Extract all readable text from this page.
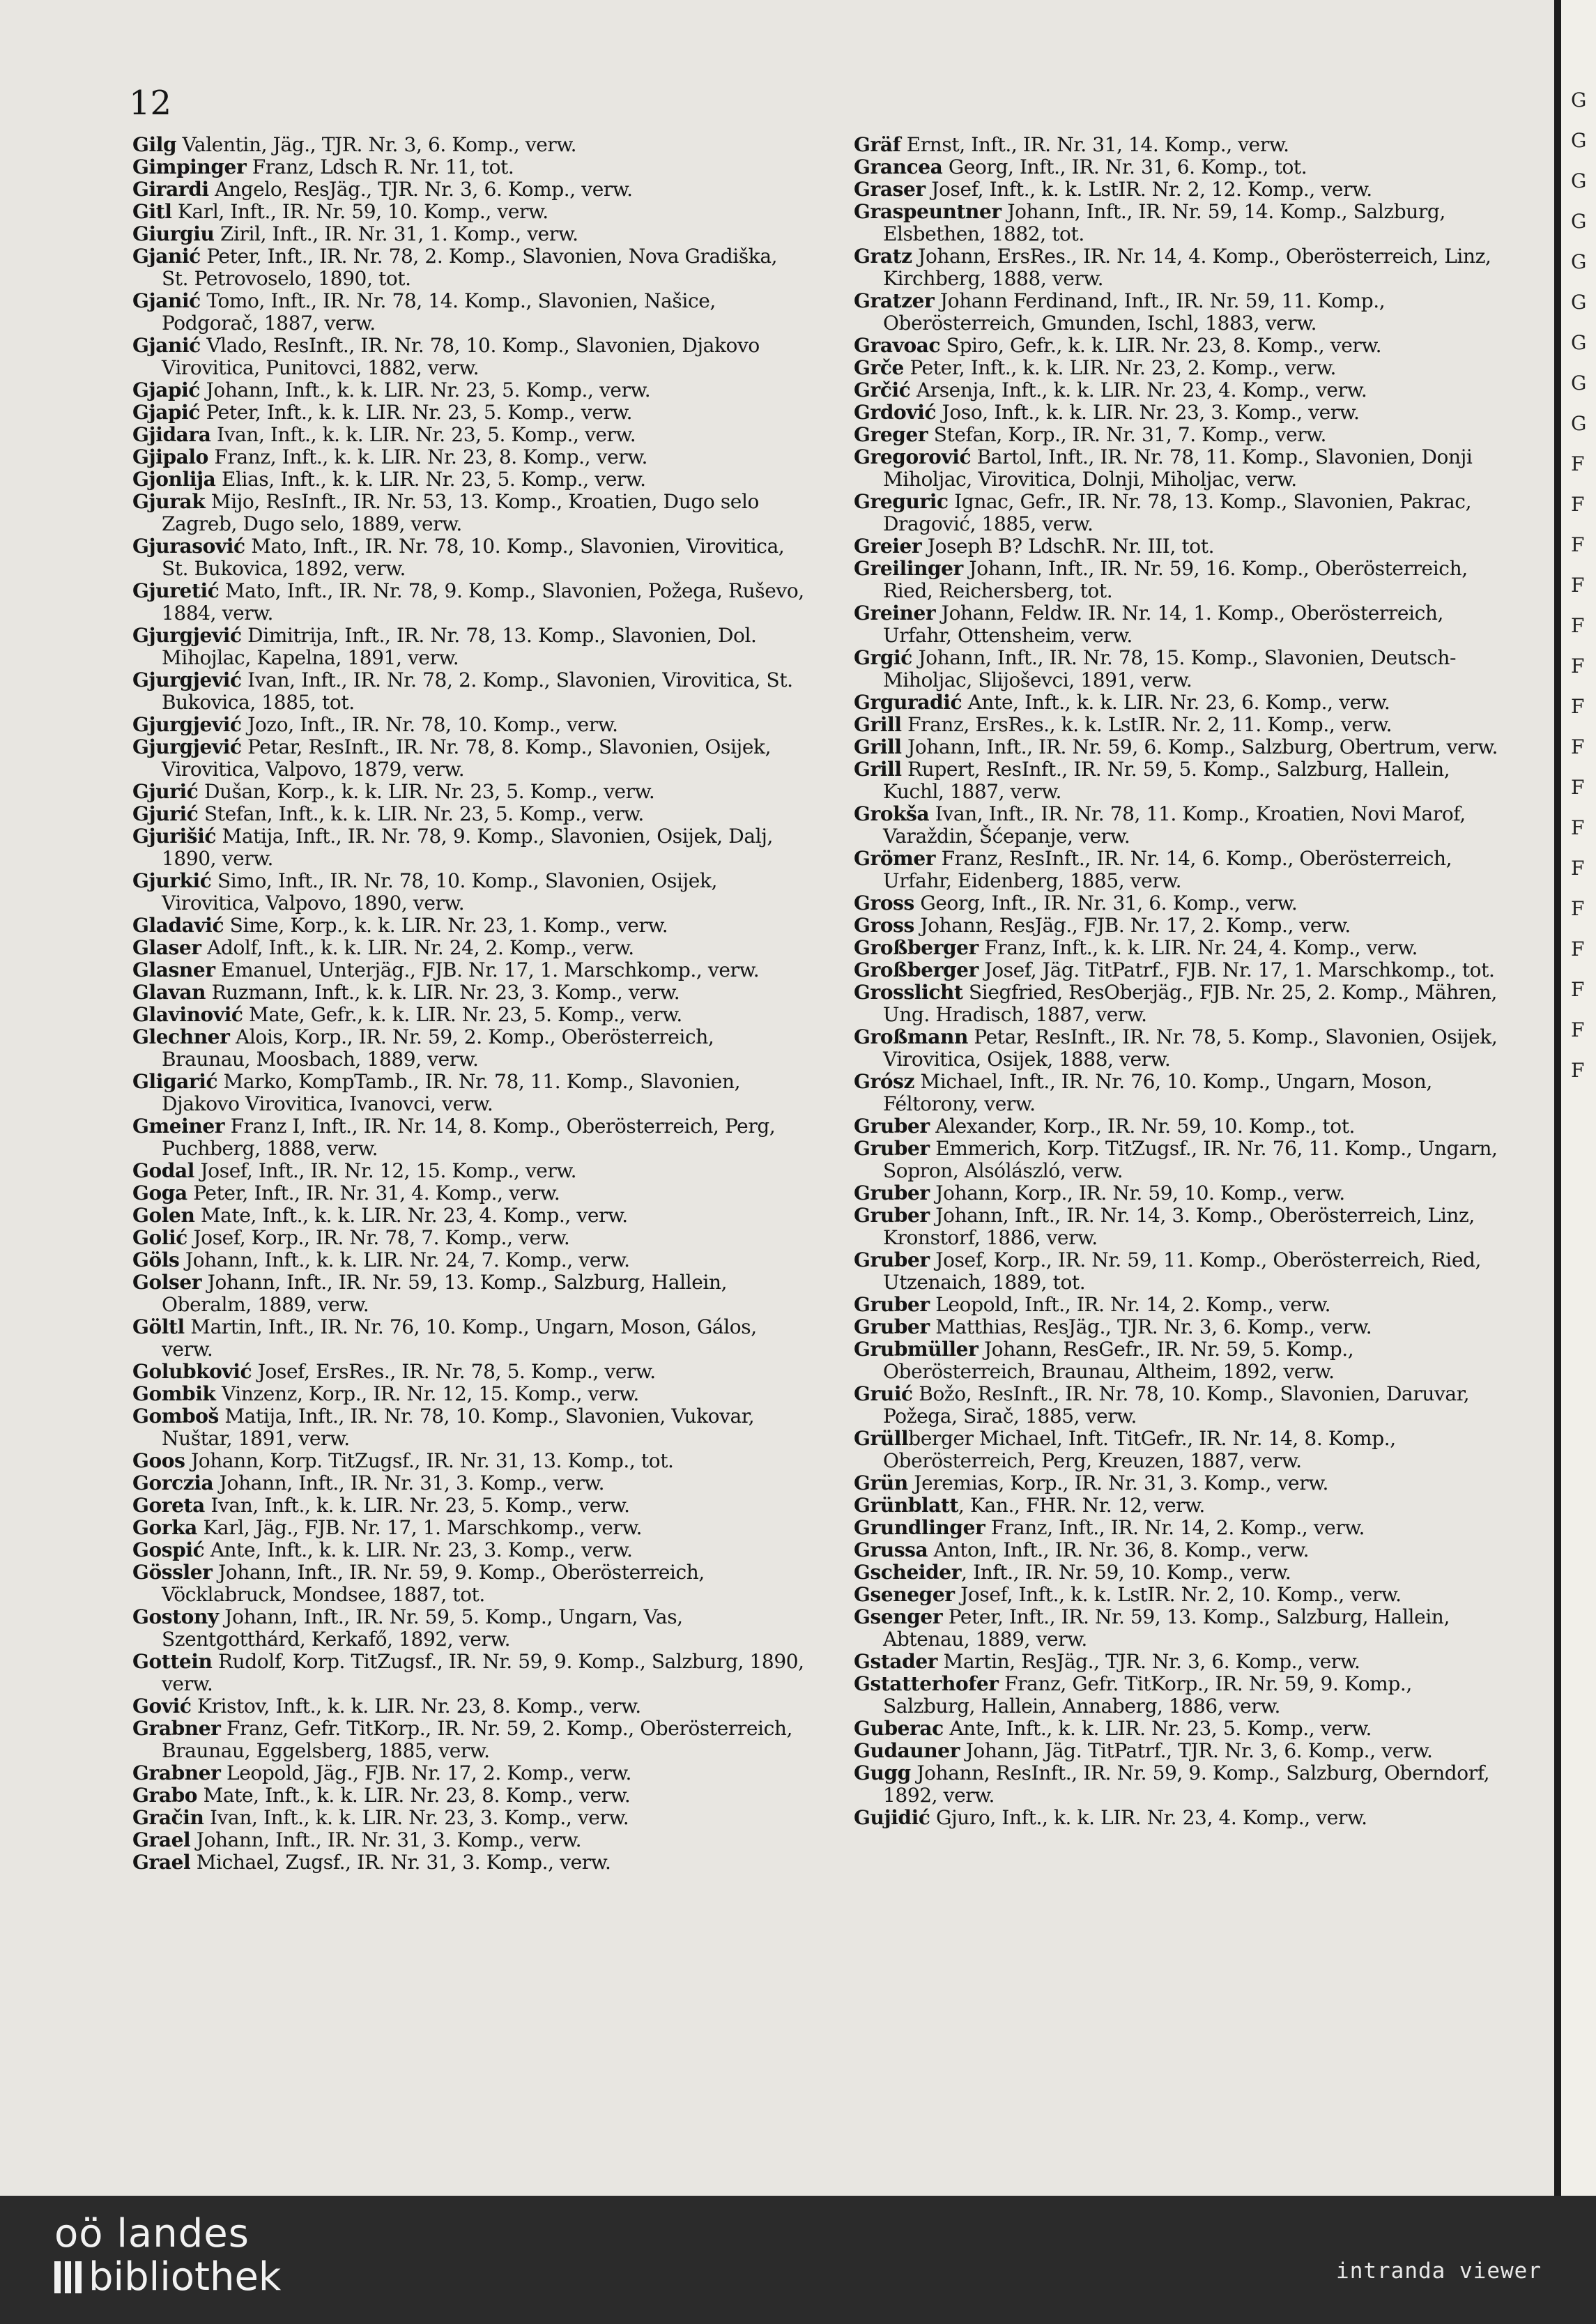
12
Gilg Valentin, Jäg., TJR. Nr. 3, 6. Komp., verw.
Gimpinger Franz, Ldsch R. Nr. 11, tot.
Girardi Angelo, ResJäg., TJR. Nr. 3, 6. Komp., verw.
Gitl Karl, Inft., IR. Nr. 59, 10. Komp., verw.
Giurgiu Ziril, Inft., IR. Nr. 31, 1. Komp., verw.
Gjanić Peter, Inft., IR. Nr. 78, 2. Komp., Slavonien, Nova Gradiška, St. Petrovoselo, 1890, tot.
Gjanić Tomo, Inft., IR. Nr. 78, 14. Komp., Slavonien, Našice, Podgorač, 1887, verw.
Gjanić Vlado, ResInft., IR. Nr. 78, 10. Komp., Slavonien, Djakovo Virovitica, Punitovci, 1882, verw.
Gjapić Johann, Inft., k. k. LIR. Nr. 23, 5. Komp., verw.
Gjapić Peter, Inft., k. k. LIR. Nr. 23, 5. Komp., verw.
Gjidara Ivan, Inft., k. k. LIR. Nr. 23, 5. Komp., verw.
Gjipalo Franz, Inft., k. k. LIR. Nr. 23, 8. Komp., verw.
Gjonlija Elias, Inft., k. k. LIR. Nr. 23, 5. Komp., verw.
Gjurak Mijo, ResInft., IR. Nr. 53, 13. Komp., Kroatien, Dugo selo Zagreb, Dugo selo, 1889, verw.
Gjurasović Mato, Inft., IR. Nr. 78, 10. Komp., Slavonien, Virovitica, St. Bukovica, 1892, verw.
Gjuretić Mato, Inft., IR. Nr. 78, 9. Komp., Slavonien, Požega, Ruševo, 1884, verw.
Gjurgjević Dimitrija, Inft., IR. Nr. 78, 13. Komp., Slavonien, Dol. Mihojlac, Kapelna, 1891, verw.
Gjurgjević Ivan, Inft., IR. Nr. 78, 2. Komp., Slavonien, Virovitica, St. Bukovica, 1885, tot.
Gjurgjević Jozo, Inft., IR. Nr. 78, 10. Komp., verw.
Gjurgjević Petar, ResInft., IR. Nr. 78, 8. Komp., Slavonien, Osijek, Virovitica, Valpovo, 1879, verw.
Gjurić Dušan, Korp., k. k. LIR. Nr. 23, 5. Komp., verw.
Gjurić Stefan, Inft., k. k. LIR. Nr. 23, 5. Komp., verw.
Gjurišić Matija, Inft., IR. Nr. 78, 9. Komp., Slavonien, Osijek, Dalj, 1890, verw.
Gjurkić Simo, Inft., IR. Nr. 78, 10. Komp., Slavonien, Osijek, Virovitica, Valpovo, 1890, verw.
Gladavić Sime, Korp., k. k. LIR. Nr. 23, 1. Komp., verw.
Glaser Adolf, Inft., k. k. LIR. Nr. 24, 2. Komp., verw.
Glasner Emanuel, Unterjäg., FJB. Nr. 17, 1. Marschkomp., verw.
Glavan Ruzmann, Inft., k. k. LIR. Nr. 23, 3. Komp., verw.
Glavinović Mate, Gefr., k. k. LIR. Nr. 23, 5. Komp., verw.
Glechner Alois, Korp., IR. Nr. 59, 2. Komp., Oberösterreich, Braunau, Moosbach, 1889, verw.
Gligarić Marko, KompTamb., IR. Nr. 78, 11. Komp., Slavonien, Djakovo Virovitica, Ivanovci, verw.
Gmeiner Franz I, Inft., IR. Nr. 14, 8. Komp., Oberösterreich, Perg, Puchberg, 1888, verw.
Godal Josef, Inft., IR. Nr. 12, 15. Komp., verw.
Goga Peter, Inft., IR. Nr. 31, 4. Komp., verw.
Golen Mate, Inft., k. k. LIR. Nr. 23, 4. Komp., verw.
Golić Josef, Korp., IR. Nr. 78, 7. Komp., verw.
Göls Johann, Inft., k. k. LIR. Nr. 24, 7. Komp., verw.
Golser Johann, Inft., IR. Nr. 59, 13. Komp., Salzburg, Hallein, Oberalm, 1889, verw.
Göltl Martin, Inft., IR. Nr. 76, 10. Komp., Ungarn, Moson, Gálos, verw.
Golubković Josef, ErsRes., IR. Nr. 78, 5. Komp., verw.
Gombik Vinzenz, Korp., IR. Nr. 12, 15. Komp., verw.
Gomboš Matija, Inft., IR. Nr. 78, 10. Komp., Slavonien, Vukovar, Nuštar, 1891, verw.
Goos Johann, Korp. TitZugsf., IR. Nr. 31, 13. Komp., tot.
Gorczia Johann, Inft., IR. Nr. 31, 3. Komp., verw.
Goreta Ivan, Inft., k. k. LIR. Nr. 23, 5. Komp., verw.
Gorka Karl, Jäg., FJB. Nr. 17, 1. Marschkomp., verw.
Gospić Ante, Inft., k. k. LIR. Nr. 23, 3. Komp., verw.
Gössler Johann, Inft., IR. Nr. 59, 9. Komp., Oberösterreich, Vöcklabruck, Mondsee, 1887, tot.
Gostony Johann, Inft., IR. Nr. 59, 5. Komp., Ungarn, Vas, Szentgotthárd, Kerkafő, 1892, verw.
Gottein Rudolf, Korp. TitZugsf., IR. Nr. 59, 9. Komp., Salzburg, 1890, verw.
Gović Kristov, Inft., k. k. LIR. Nr. 23, 8. Komp., verw.
Grabner Franz, Gefr. TitKorp., IR. Nr. 59, 2. Komp., Oberösterreich, Braunau, Eggelsberg, 1885, verw.
Grabner Leopold, Jäg., FJB. Nr. 17, 2. Komp., verw.
Grabo Mate, Inft., k. k. LIR. Nr. 23, 8. Komp., verw.
Gračin Ivan, Inft., k. k. LIR. Nr. 23, 3. Komp., verw.
Grael Johann, Inft., IR. Nr. 31, 3. Komp., verw.
Grael Michael, Zugsf., IR. Nr. 31, 3. Komp., verw.
Gräf Ernst, Inft., IR. Nr. 31, 14. Komp., verw.
Grancea Georg, Inft., IR. Nr. 31, 6. Komp., tot.
Graser Josef, Inft., k. k. LstIR. Nr. 2, 12. Komp., verw.
Graspeuntner Johann, Inft., IR. Nr. 59, 14. Komp., Salzburg, Elsbethen, 1882, tot.
Gratz Johann, ErsRes., IR. Nr. 14, 4. Komp., Oberösterreich, Linz, Kirchberg, 1888, verw.
Gratzer Johann Ferdinand, Inft., IR. Nr. 59, 11. Komp., Oberösterreich, Gmunden, Ischl, 1883, verw.
Gravoac Spiro, Gefr., k. k. LIR. Nr. 23, 8. Komp., verw.
Grče Peter, Inft., k. k. LIR. Nr. 23, 2. Komp., verw.
Grčić Arsenja, Inft., k. k. LIR. Nr. 23, 4. Komp., verw.
Grdović Joso, Inft., k. k. LIR. Nr. 23, 3. Komp., verw.
Greger Stefan, Korp., IR. Nr. 31, 7. Komp., verw.
Gregorović Bartol, Inft., IR. Nr. 78, 11. Komp., Slavonien, Donji Miholjac, Virovitica, Dolnji, Miholjac, verw.
Greguric Ignac, Gefr., IR. Nr. 78, 13. Komp., Slavonien, Pakrac, Dragović, 1885, verw.
Greier Joseph B? LdschR. Nr. III, tot.
Greilinger Johann, Inft., IR. Nr. 59, 16. Komp., Oberösterreich, Ried, Reichersberg, tot.
Greiner Johann, Feldw. IR. Nr. 14, 1. Komp., Oberösterreich, Urfahr, Ottensheim, verw.
Grgić Johann, Inft., IR. Nr. 78, 15. Komp., Slavonien, Deutsch-Miholjac, Slijoševci, 1891, verw.
Grguradić Ante, Inft., k. k. LIR. Nr. 23, 6. Komp., verw.
Grill Franz, ErsRes., k. k. LstIR. Nr. 2, 11. Komp., verw.
Grill Johann, Inft., IR. Nr. 59, 6. Komp., Salzburg, Obertrum, verw.
Grill Rupert, ResInft., IR. Nr. 59, 5. Komp., Salzburg, Hallein, Kuchl, 1887, verw.
Grokša Ivan, Inft., IR. Nr. 78, 11. Komp., Kroatien, Novi Marof, Varaždin, Šćepanje, verw.
Grömer Franz, ResInft., IR. Nr. 14, 6. Komp., Oberösterreich, Urfahr, Eidenberg, 1885, verw.
Gross Georg, Inft., IR. Nr. 31, 6. Komp., verw.
Gross Johann, ResJäg., FJB. Nr. 17, 2. Komp., verw.
Großberger Franz, Inft., k. k. LIR. Nr. 24, 4. Komp., verw.
Großberger Josef, Jäg. TitPatrf., FJB. Nr. 17, 1. Marschkomp., tot.
Grosslicht Siegfried, ResOberjäg., FJB. Nr. 25, 2. Komp., Mähren, Ung. Hradisch, 1887, verw.
Großmann Petar, ResInft., IR. Nr. 78, 5. Komp., Slavonien, Osijek, Virovitica, Osijek, 1888, verw.
Grósz Michael, Inft., IR. Nr. 76, 10. Komp., Ungarn, Moson, Féltorony, verw.
Gruber Alexander, Korp., IR. Nr. 59, 10. Komp., tot.
Gruber Emmerich, Korp. TitZugsf., IR. Nr. 76, 11. Komp., Ungarn, Sopron, Alsólászló, verw.
Gruber Johann, Korp., IR. Nr. 59, 10. Komp., verw.
Gruber Johann, Inft., IR. Nr. 14, 3. Komp., Oberösterreich, Linz, Kronstorf, 1886, verw.
Gruber Josef, Korp., IR. Nr. 59, 11. Komp., Oberösterreich, Ried, Utzenaich, 1889, tot.
Gruber Leopold, Inft., IR. Nr. 14, 2. Komp., verw.
Gruber Matthias, ResJäg., TJR. Nr. 3, 6. Komp., verw.
Grubmüller Johann, ResGefr., IR. Nr. 59, 5. Komp., Oberösterreich, Braunau, Altheim, 1892, verw.
Gruić Božo, ResInft., IR. Nr. 78, 10. Komp., Slavonien, Daruvar, Požega, Sirač, 1885, verw.
Grüllberger Michael, Inft. TitGefr., IR. Nr. 14, 8. Komp., Oberösterreich, Perg, Kreuzen, 1887, verw.
Grün Jeremias, Korp., IR. Nr. 31, 3. Komp., verw.
Grünblatt, Kan., FHR. Nr. 12, verw.
Grundlinger Franz, Inft., IR. Nr. 14, 2. Komp., verw.
Grussa Anton, Inft., IR. Nr. 36, 8. Komp., verw.
Gscheider, Inft., IR. Nr. 59, 10. Komp., verw.
Gseneger Josef, Inft., k. k. LstIR. Nr. 2, 10. Komp., verw.
Gsenger Peter, Inft., IR. Nr. 59, 13. Komp., Salzburg, Hallein, Abtenau, 1889, verw.
Gstader Martin, ResJäg., TJR. Nr. 3, 6. Komp., verw.
Gstatterhofer Franz, Gefr. TitKorp., IR. Nr. 59, 9. Komp., Salzburg, Hallein, Annaberg, 1886, verw.
Guberac Ante, Inft., k. k. LIR. Nr. 23, 5. Komp., verw.
Gudauner Johann, Jäg. TitPatrf., TJR. Nr. 3, 6. Komp., verw.
Gugg Johann, ResInft., IR. Nr. 59, 9. Komp., Salzburg, Oberndorf, 1892, verw.
Gujidić Gjuro, Inft., k. k. LIR. Nr. 23, 4. Komp., verw.
G
G
G
G
G
G
G
G
G
F
F
F
F
F
F
F
F
F
F
F
F
F
F
F
F
oö landes
bibliothek	intranda viewer
